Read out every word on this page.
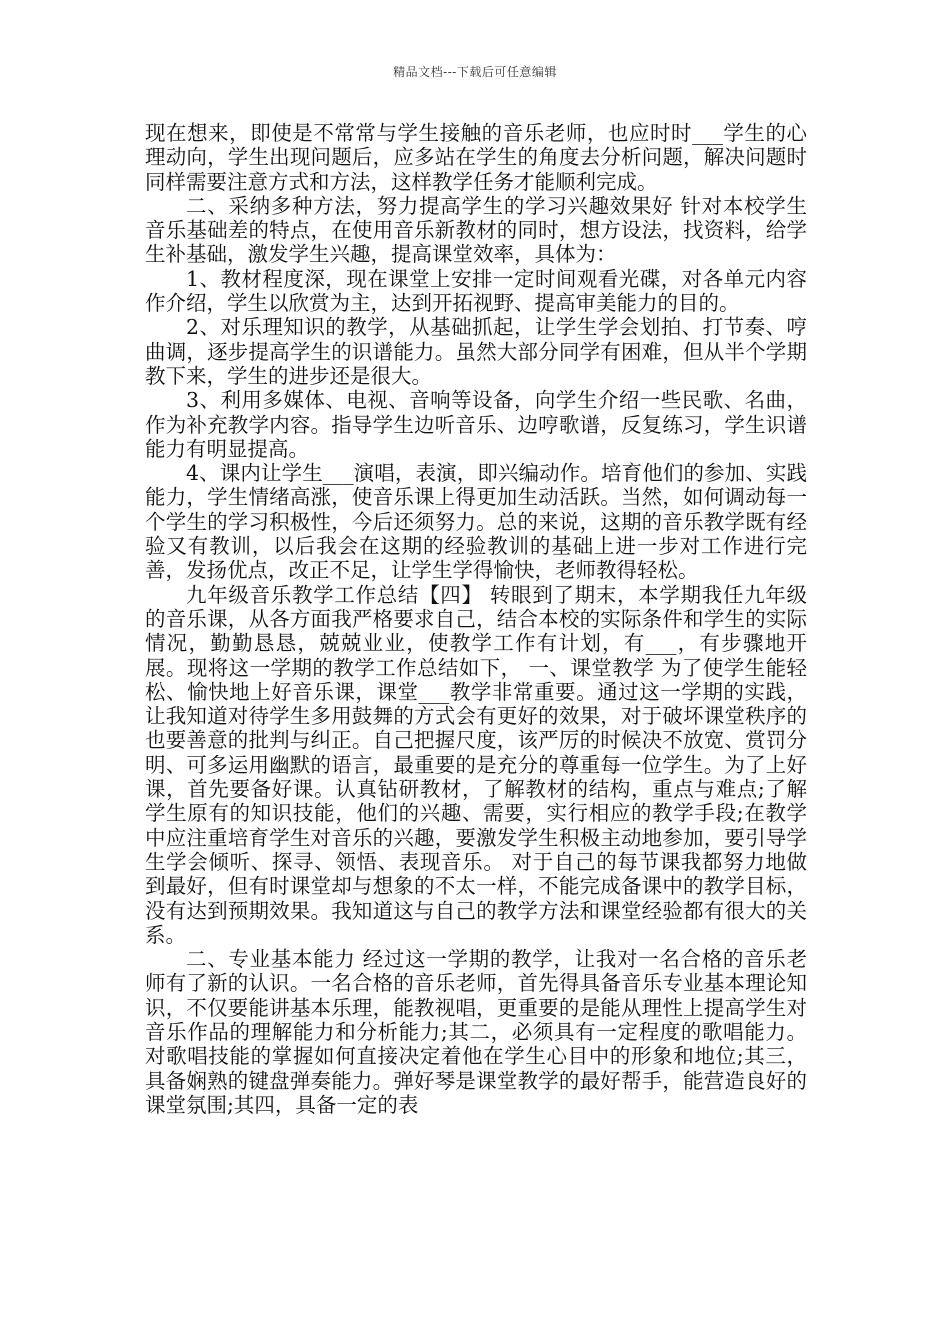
精品文档---下载后可任意编辑

现在想来，即使是不常常与学生接触的音乐老师，也应时时___学生的心理动向，学生出现问题后，应多站在学生的角度去分析问题，解决问题时同样需要注意方式和方法，这样教学任务才能顺利完成。

二、采纳多种方法，努力提高学生的学习兴趣效果好 针对本校学生音乐基础差的特点，在使用音乐新教材的同时，想方设法，找资料，给学生补基础，激发学生兴趣，提高课堂效率，具体为：

1、教材程度深，现在课堂上安排一定时间观看光碟，对各单元内容作介绍，学生以欣赏为主，达到开拓视野、提高审美能力的目的。

2、对乐理知识的教学，从基础抓起，让学生学会划拍、打节奏、哼曲调，逐步提高学生的识谱能力。虽然大部分同学有困难，但从半个学期教下来，学生的进步还是很大。

3、利用多媒体、电视、音响等设备，向学生介绍一些民歌、名曲，作为补充教学内容。指导学生边听音乐、边哼歌谱，反复练习，学生识谱能力有明显提高。

4、课内让学生___演唱，表演，即兴编动作。培育他们的参加、实践能力，学生情绪高涨，使音乐课上得更加生动活跃。当然，如何调动每一个学生的学习积极性，今后还须努力。总的来说，这期的音乐教学既有经验又有教训，以后我会在这期的经验教训的基础上进一步对工作进行完善，发扬优点，改正不足，让学生学得愉快，老师教得轻松。

九年级音乐教学工作总结【四】 转眼到了期末，本学期我任九年级的音乐课，从各方面我严格要求自己，结合本校的实际条件和学生的实际情况，勤勤恳恳，兢兢业业，使教学工作有计划，有___，有步骤地开展。现将这一学期的教学工作总结如下， 一、课堂教学 为了使学生能轻松、愉快地上好音乐课，课堂___教学非常重要。通过这一学期的实践，让我知道对待学生多用鼓舞的方式会有更好的效果，对于破坏课堂秩序的也要善意的批判与纠正。自己把握尺度，该严厉的时候决不放宽、赏罚分明、可多运用幽默的语言，最重要的是充分的尊重每一位学生。为了上好课，首先要备好课。认真钻研教材，了解教材的结构，重点与难点;了解学生原有的知识技能，他们的兴趣、需要，实行相应的教学手段;在教学中应注重培育学生对音乐的兴趣，要激发学生积极主动地参加，要引导学生学会倾听、探寻、领悟、表现音乐。 对于自己的每节课我都努力地做到最好，但有时课堂却与想象的不太一样，不能完成备课中的教学目标，没有达到预期效果。我知道这与自己的教学方法和课堂经验都有很大的关系。

二、专业基本能力 经过这一学期的教学，让我对一名合格的音乐老师有了新的认识。一名合格的音乐老师，首先得具备音乐专业基本理论知识，不仅要能讲基本乐理，能教视唱，更重要的是能从理性上提高学生对音乐作品的理解能力和分析能力;其二，必须具有一定程度的歌唱能力。对歌唱技能的掌握如何直接决定着他在学生心目中的形象和地位;其三，具备娴熟的键盘弹奏能力。弹好琴是课堂教学的最好帮手，能营造良好的课堂氛围;其四，具备一定的表
